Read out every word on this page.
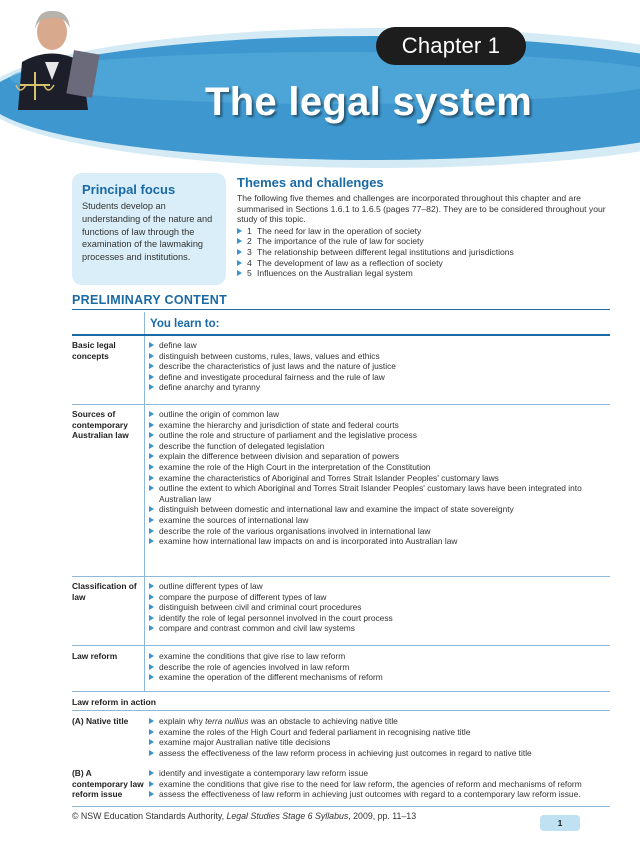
Chapter 1
The legal system
Principal focus
Students develop an understanding of the nature and functions of law through the examination of the lawmaking processes and institutions.
Themes and challenges
The following five themes and challenges are incorporated throughout this chapter and are summarised in Sections 1.6.1 to 1.6.5 (pages 77–82). They are to be considered throughout your study of this topic.
1 The need for law in the operation of society
2 The importance of the rule of law for society
3 The relationship between different legal institutions and jurisdictions
4 The development of law as a reflection of society
5 Influences on the Australian legal system
PRELIMINARY CONTENT
You learn to:
Basic legal concepts
define law
distinguish between customs, rules, laws, values and ethics
describe the characteristics of just laws and the nature of justice
define and investigate procedural fairness and the rule of law
define anarchy and tyranny
Sources of contemporary Australian law
outline the origin of common law
examine the hierarchy and jurisdiction of state and federal courts
outline the role and structure of parliament and the legislative process
describe the function of delegated legislation
explain the difference between division and separation of powers
examine the role of the High Court in the interpretation of the Constitution
examine the characteristics of Aboriginal and Torres Strait Islander Peoples' customary laws
outline the extent to which Aboriginal and Torres Strait Islander Peoples' customary laws have been integrated into Australian law
distinguish between domestic and international law and examine the impact of state sovereignty
examine the sources of international law
describe the role of the various organisations involved in international law
examine how international law impacts on and is incorporated into Australian law
Classification of law
outline different types of law
compare the purpose of different types of law
distinguish between civil and criminal court procedures
identify the role of legal personnel involved in the court process
compare and contrast common and civil law systems
Law reform	examine the conditions that give rise to law reform
describe the role of agencies involved in law reform
examine the operation of the different mechanisms of reform
Law reform in action
(A) Native title	explain why terra nullius was an obstacle to achieving native title
examine the roles of the High Court and federal parliament in recognising native title
examine major Australian native title decisions
assess the effectiveness of the law reform process in achieving just outcomes in regard to native title
(B) A contemporary law reform issue
identify and investigate a contemporary law reform issue
examine the conditions that give rise to the need for law reform, the agencies of reform and mechanisms of reform
assess the effectiveness of law reform in achieving just outcomes with regard to a contemporary law reform issue.
© NSW Education Standards Authority, Legal Studies Stage 6 Syllabus, 2009, pp. 11–13
1
